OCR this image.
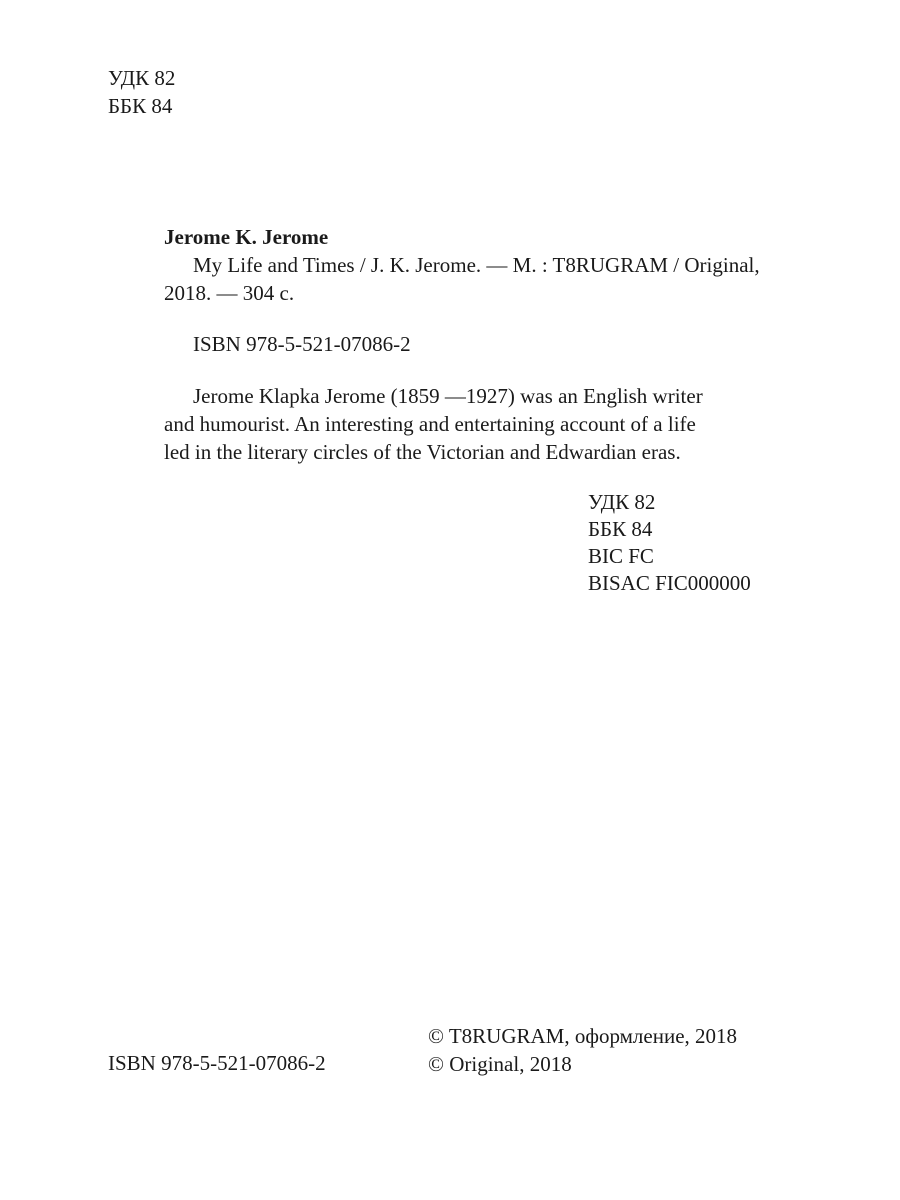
УДК 82
ББК 84
Jerome K. Jerome
My Life and Times / J. K. Jerome. — M. : T8RUGRAM / Original,
2018. — 304 с.
ISBN 978-5-521-07086-2
Jerome Klapka Jerome (1859 —1927) was an English writer
and humourist. An interesting and entertaining account of a life
led in the literary circles of the Victorian and Edwardian eras.
УДК 82
ББК 84
BIC FC
BISAC FIC000000
ISBN 978-5-521-07086-2
© T8RUGRAM, оформление, 2018
© Original, 2018
